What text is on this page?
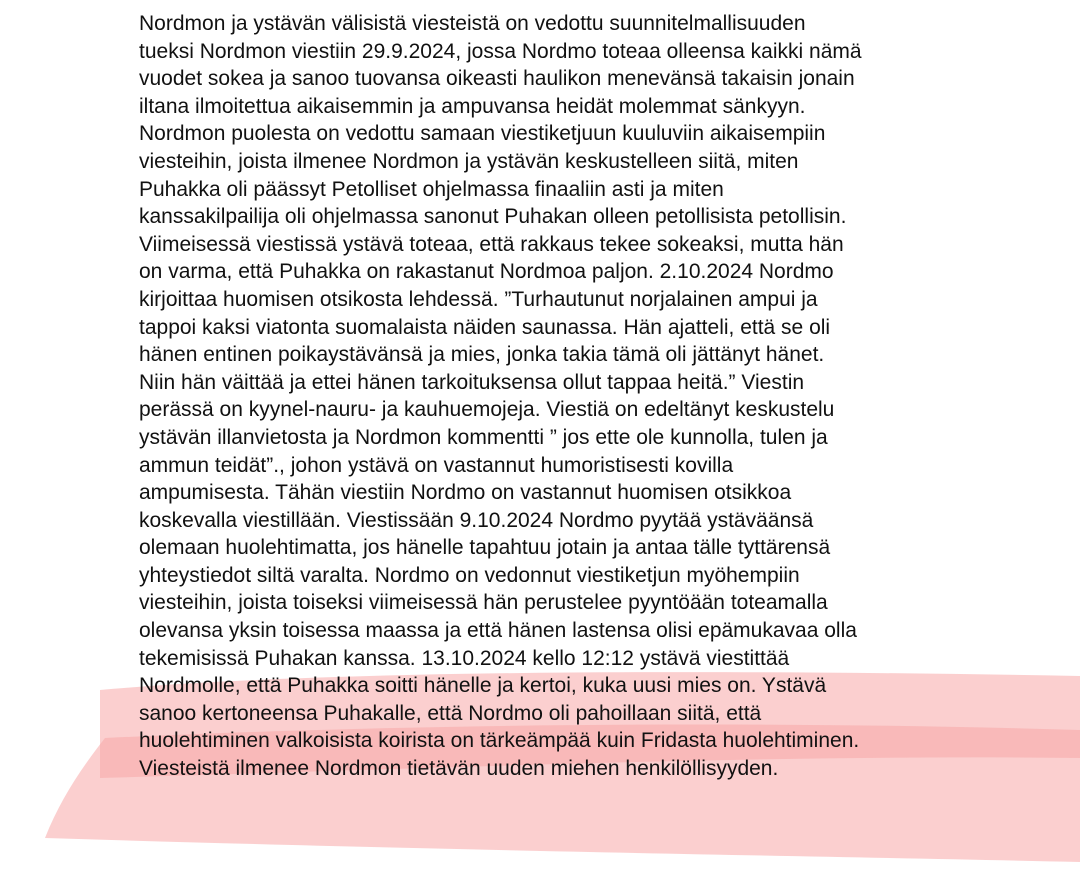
Nordmon ja ystävän välisistä viesteistä on vedottu suunnitelmallisuuden
tueksi Nordmon viestiin 29.9.2024, jossa Nordmo toteaa olleensa kaikki nämä
vuodet sokea ja sanoo tuovansa oikeasti haulikon menevänsä takaisin jonain
iltana ilmoitettua aikaisemmin ja ampuvansa heidät molemmat sänkyyn.
Nordmon puolesta on vedottu samaan viestiketjuun kuuluviin aikaisempiin
viesteihin, joista ilmenee Nordmon ja ystävän keskustelleen siitä, miten
Puhakka oli päässyt Petolliset ohjelmassa finaaliin asti ja miten
kanssakilpailija oli ohjelmassa sanonut Puhakan olleen petollisista petollisin.
Viimeisessä viestissä ystävä toteaa, että rakkaus tekee sokeaksi, mutta hän
on varma, että Puhakka on rakastanut Nordmoa paljon. 2.10.2024 Nordmo
kirjoittaa huomisen otsikosta lehdessä. ”Turhautunut norjalainen ampui ja
tappoi kaksi viatonta suomalaista näiden saunassa. Hän ajatteli, että se oli
hänen entinen poikaystävänsä ja mies, jonka takia tämä oli jättänyt hänet.
Niin hän väittää ja ettei hänen tarkoituksensa ollut tappaa heitä.” Viestin
perässä on kyynel-nauru- ja kauhuemojeja. Viestiä on edeltänyt keskustelu
ystävän illanvietosta ja Nordmon kommentti ” jos ette ole kunnolla, tulen ja
ammun teidät”., johon ystävä on vastannut humoristisesti kovilla
ampumisesta. Tähän viestiin Nordmo on vastannut huomisen otsikkoa
koskevalla viestillään. Viestissään 9.10.2024 Nordmo pyytää ystäväänsä
olemaan huolehtimatta, jos hänelle tapahtuu jotain ja antaa tälle tyttärensä
yhteystiedot siltä varalta. Nordmo on vedonnut viestiketjun myöhempiin
viesteihin, joista toiseksi viimeisessä hän perustelee pyyntöään toteamalla
olevansa yksin toisessa maassa ja että hänen lastensa olisi epämukavaa olla
tekemisissä Puhakan kanssa. 13.10.2024 kello 12:12 ystävä viestittää
Nordmolle, että Puhakka soitti hänelle ja kertoi, kuka uusi mies on. Ystävä
sanoo kertoneensa Puhakalle, että Nordmo oli pahoillaan siitä, että
huolehtiminen valkoisista koirista on tärkeämpää kuin Fridasta huolehtiminen.
Viesteistä ilmenee Nordmon tietävän uuden miehen henkilöllisyyden.
